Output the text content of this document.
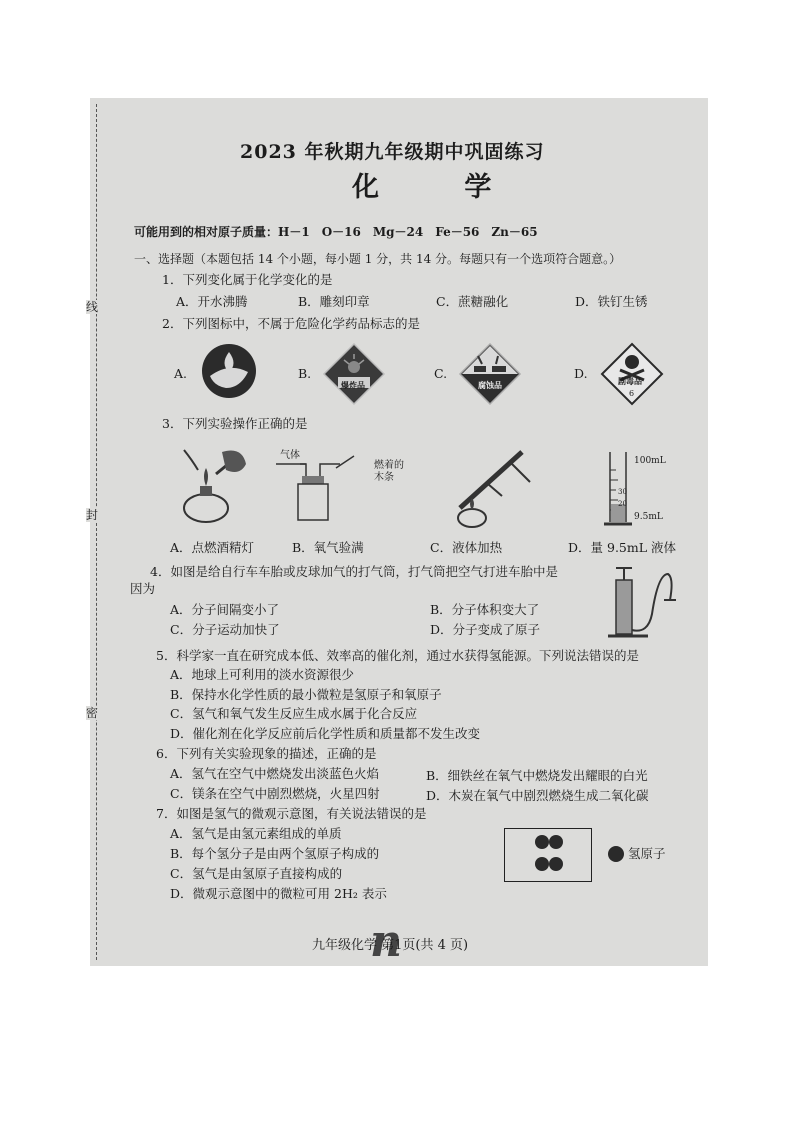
线
封
密
2023 年秋期九年级期中巩固练习
化 学
可能用到的相对原子质量：H－1　O－16　Mg－24　Fe－56　Zn－65
一、选择题（本题包括 14 个小题，每小题 1 分，共 14 分。每题只有一个选项符合题意。）
1．下列变化属于化学变化的是
A．开水沸腾	B．雕刻印章	C．蔗糖融化	D．铁钉生锈
2．下列图标中，不属于危险化学药品标志的是
A.	B.	C.	D.
爆炸品	腐蚀品	剧毒品
6
3．下列实验操作正确的是
气体
燃着的
木条
100mL
30
20
9.5mL
A．点燃酒精灯	B．氧气验满	C．液体加热	D．量 9.5mL 液体
4．如图是给自行车车胎或皮球加气的打气筒，打气筒把空气打进车胎中是
因为
A．分子间隔变小了	B．分子体积变大了
C．分子运动加快了	D．分子变成了原子
5．科学家一直在研究成本低、效率高的催化剂，通过水获得氢能源。下列说法错误的是
A．地球上可利用的淡水资源很少
B．保持水化学性质的最小微粒是氢原子和氧原子
C．氢气和氧气发生反应生成水属于化合反应
D．催化剂在化学反应前后化学性质和质量都不发生改变
6．下列有关实验现象的描述，正确的是
A．氢气在空气中燃烧发出淡蓝色火焰	B．细铁丝在氧气中燃烧发出耀眼的白光
C．镁条在空气中剧烈燃烧，火星四射	D．木炭在氧气中剧烈燃烧生成二氧化碳
7．如图是氢气的微观示意图，有关说法错误的是
A．氢气是由氢元素组成的单质
B．每个氢分子是由两个氢原子构成的
C．氢气是由氢原子直接构成的
D．微观示意图中的微粒可用 2H₂ 表示
氢原子
n
九年级化学 第1页(共 4 页)
